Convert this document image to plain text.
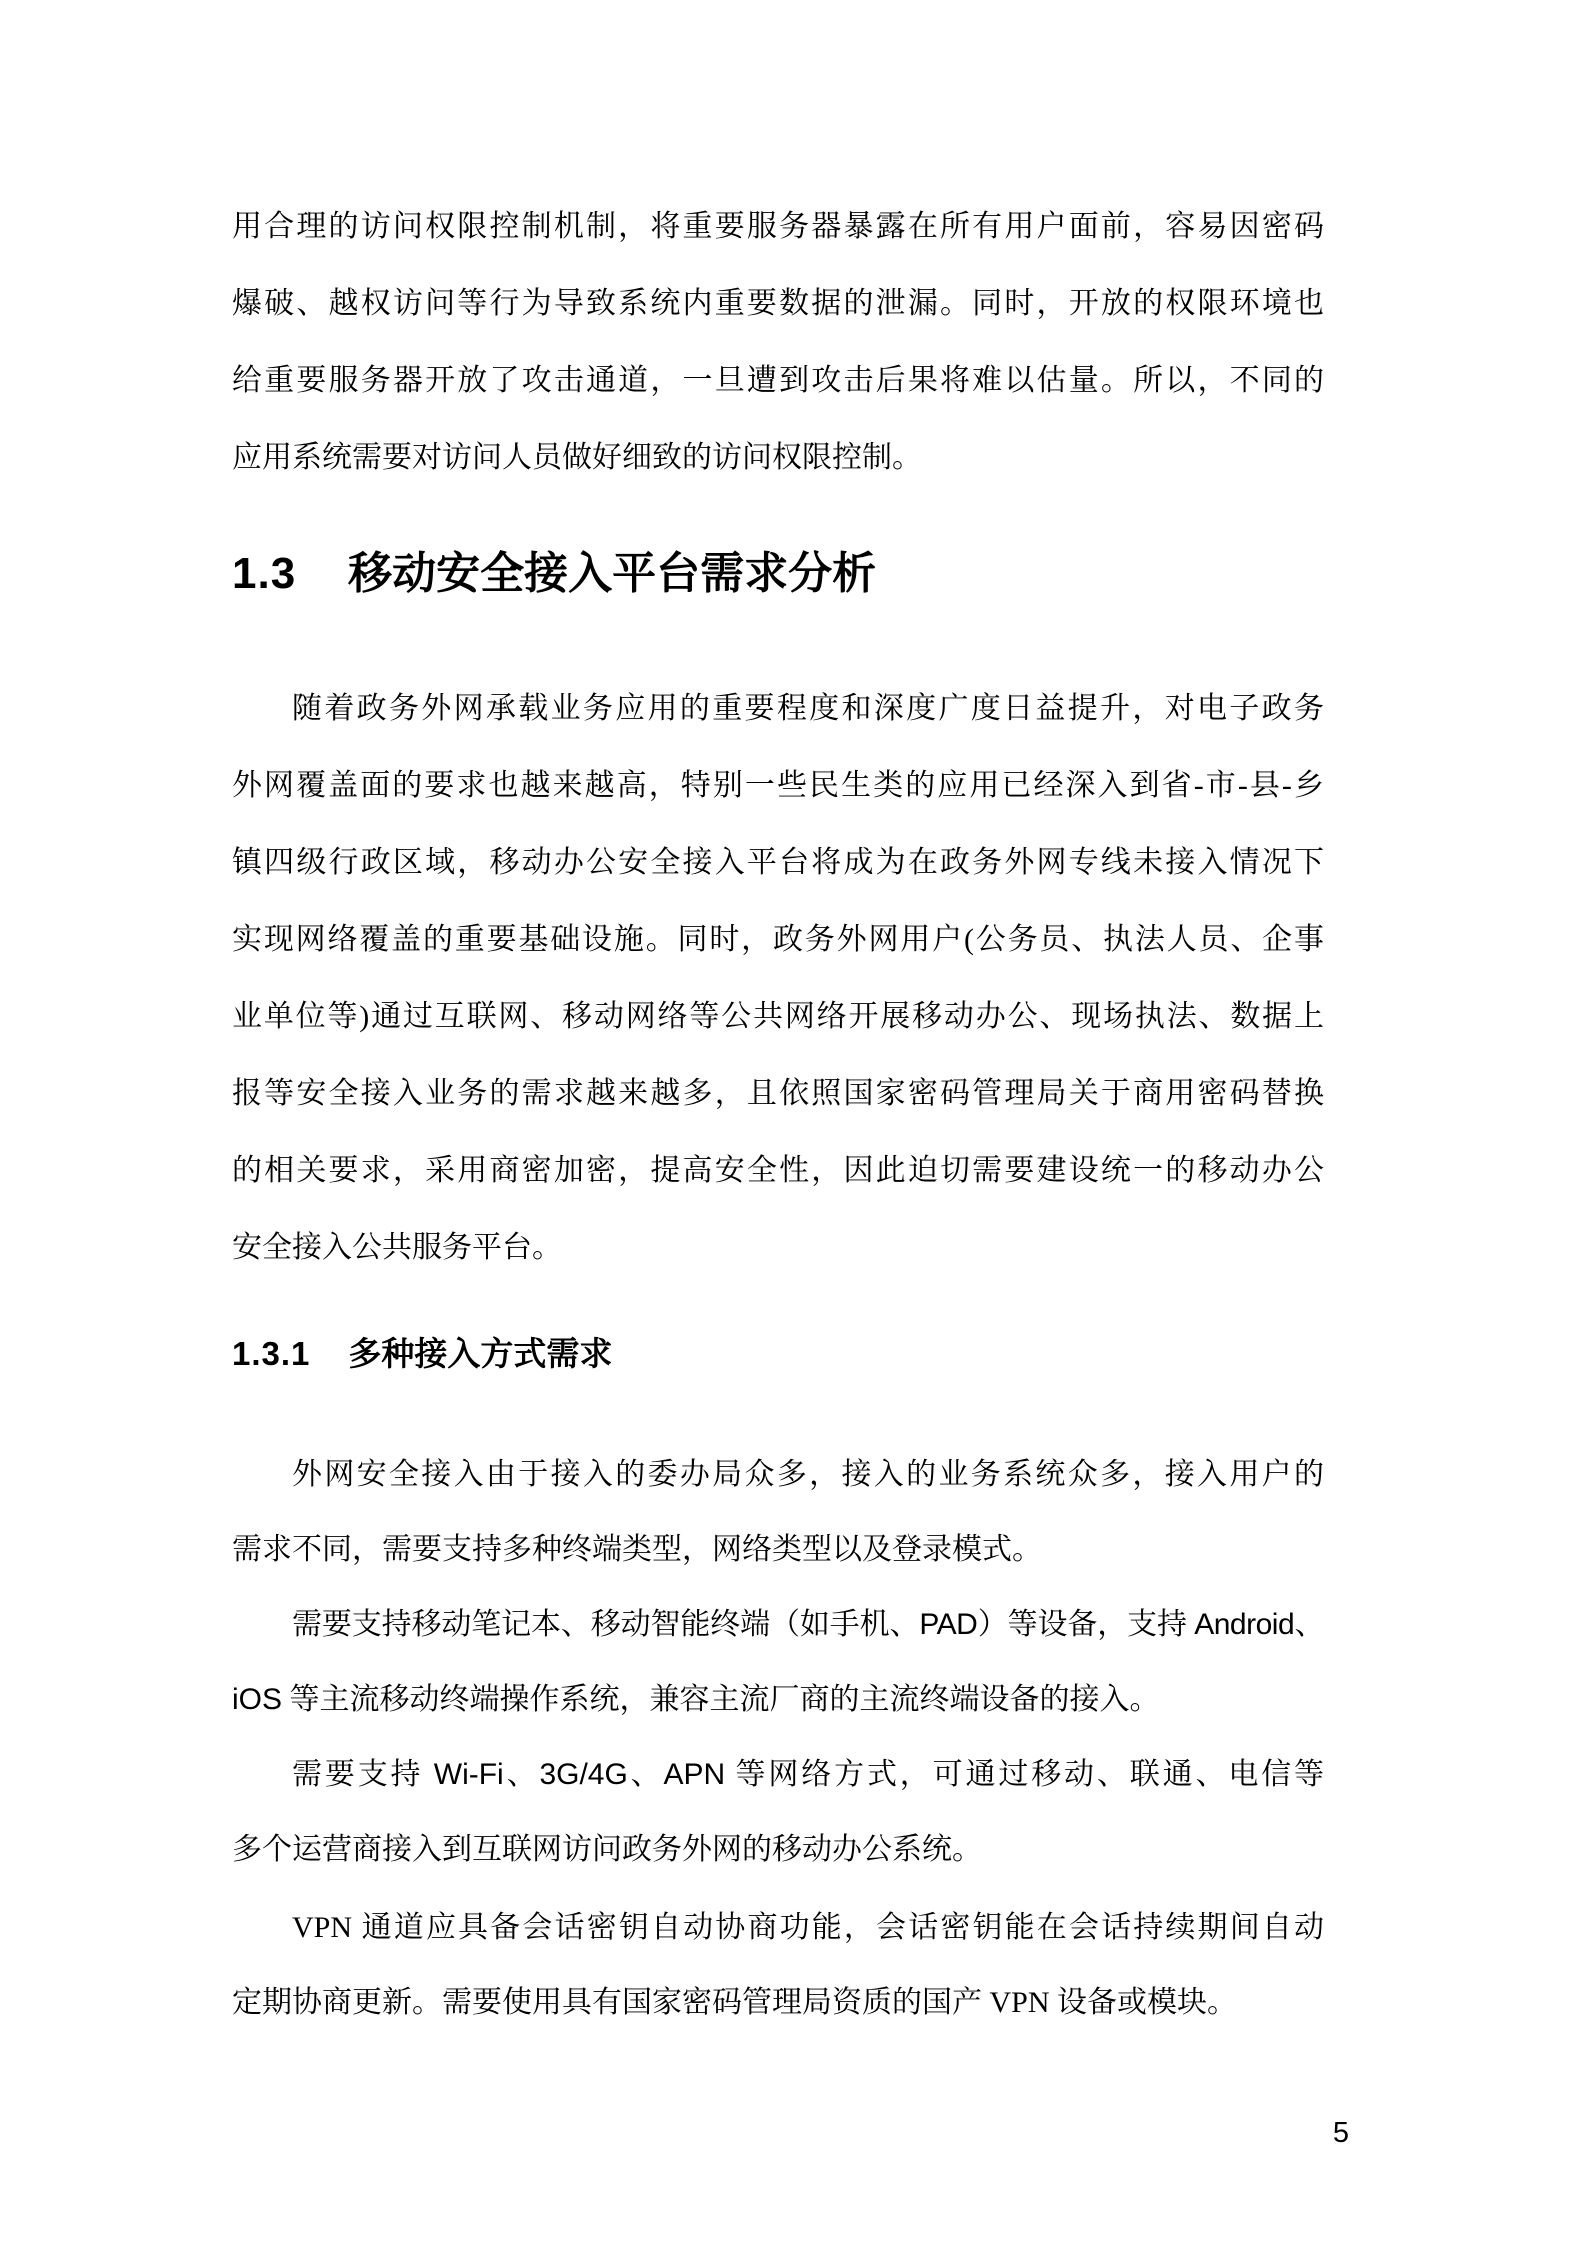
用合理的访问权限控制机制，将重要服务器暴露在所有用户面前，容易因密码
爆破、越权访问等行为导致系统内重要数据的泄漏。同时，开放的权限环境也
给重要服务器开放了攻击通道，一旦遭到攻击后果将难以估量。所以，不同的
应用系统需要对访问人员做好细致的访问权限控制。
1.3 移动安全接入平台需求分析
随着政务外网承载业务应用的重要程度和深度广度日益提升，对电子政务
外网覆盖面的要求也越来越高，特别一些民生类的应用已经深入到省-市-县-乡
镇四级行政区域，移动办公安全接入平台将成为在政务外网专线未接入情况下
实现网络覆盖的重要基础设施。同时，政务外网用户(公务员、执法人员、企事
业单位等)通过互联网、移动网络等公共网络开展移动办公、现场执法、数据上
报等安全接入业务的需求越来越多，且依照国家密码管理局关于商用密码替换
的相关要求，采用商密加密，提高安全性，因此迫切需要建设统一的移动办公
安全接入公共服务平台。
1.3.1 多种接入方式需求
外网安全接入由于接入的委办局众多，接入的业务系统众多，接入用户的
需求不同，需要支持多种终端类型，网络类型以及登录模式。
需要支持移动笔记本、移动智能终端（如手机、PAD）等设备，支持 Android、
iOS 等主流移动终端操作系统，兼容主流厂商的主流终端设备的接入。
需要支持 Wi-Fi、3G/4G、APN 等网络方式，可通过移动、联通、电信等
多个运营商接入到互联网访问政务外网的移动办公系统。
VPN 通道应具备会话密钥自动协商功能，会话密钥能在会话持续期间自动
定期协商更新。需要使用具有国家密码管理局资质的国产 VPN 设备或模块。
5
